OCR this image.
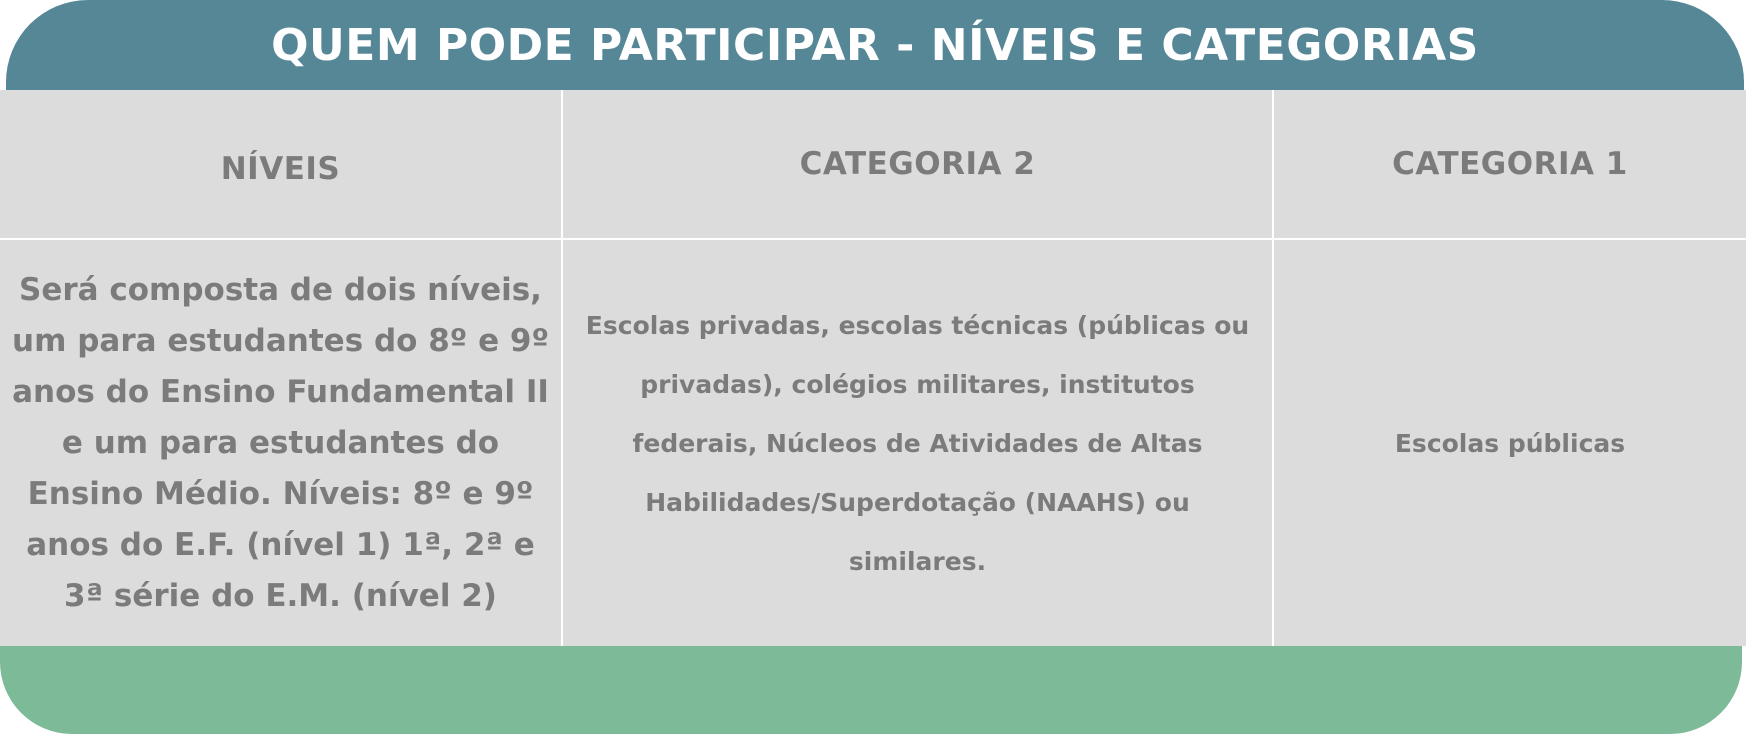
QUEM PODE PARTICIPAR - NÍVEIS E CATEGORIAS
NÍVEIS	CATEGORIA 2	CATEGORIA 1
Será composta de dois níveis, um para estudantes do 8º e 9º anos do Ensino Fundamental II e um para estudantes do Ensino Médio. Níveis: 8º e 9º anos do E.F. (nível 1) 1ª, 2ª e 3ª série do E.M. (nível 2)
Escolas privadas, escolas técnicas (públicas ou privadas), colégios militares, institutos federais, Núcleos de Atividades de Altas Habilidades/Superdotação (NAAHS) ou similares.
Escolas públicas
